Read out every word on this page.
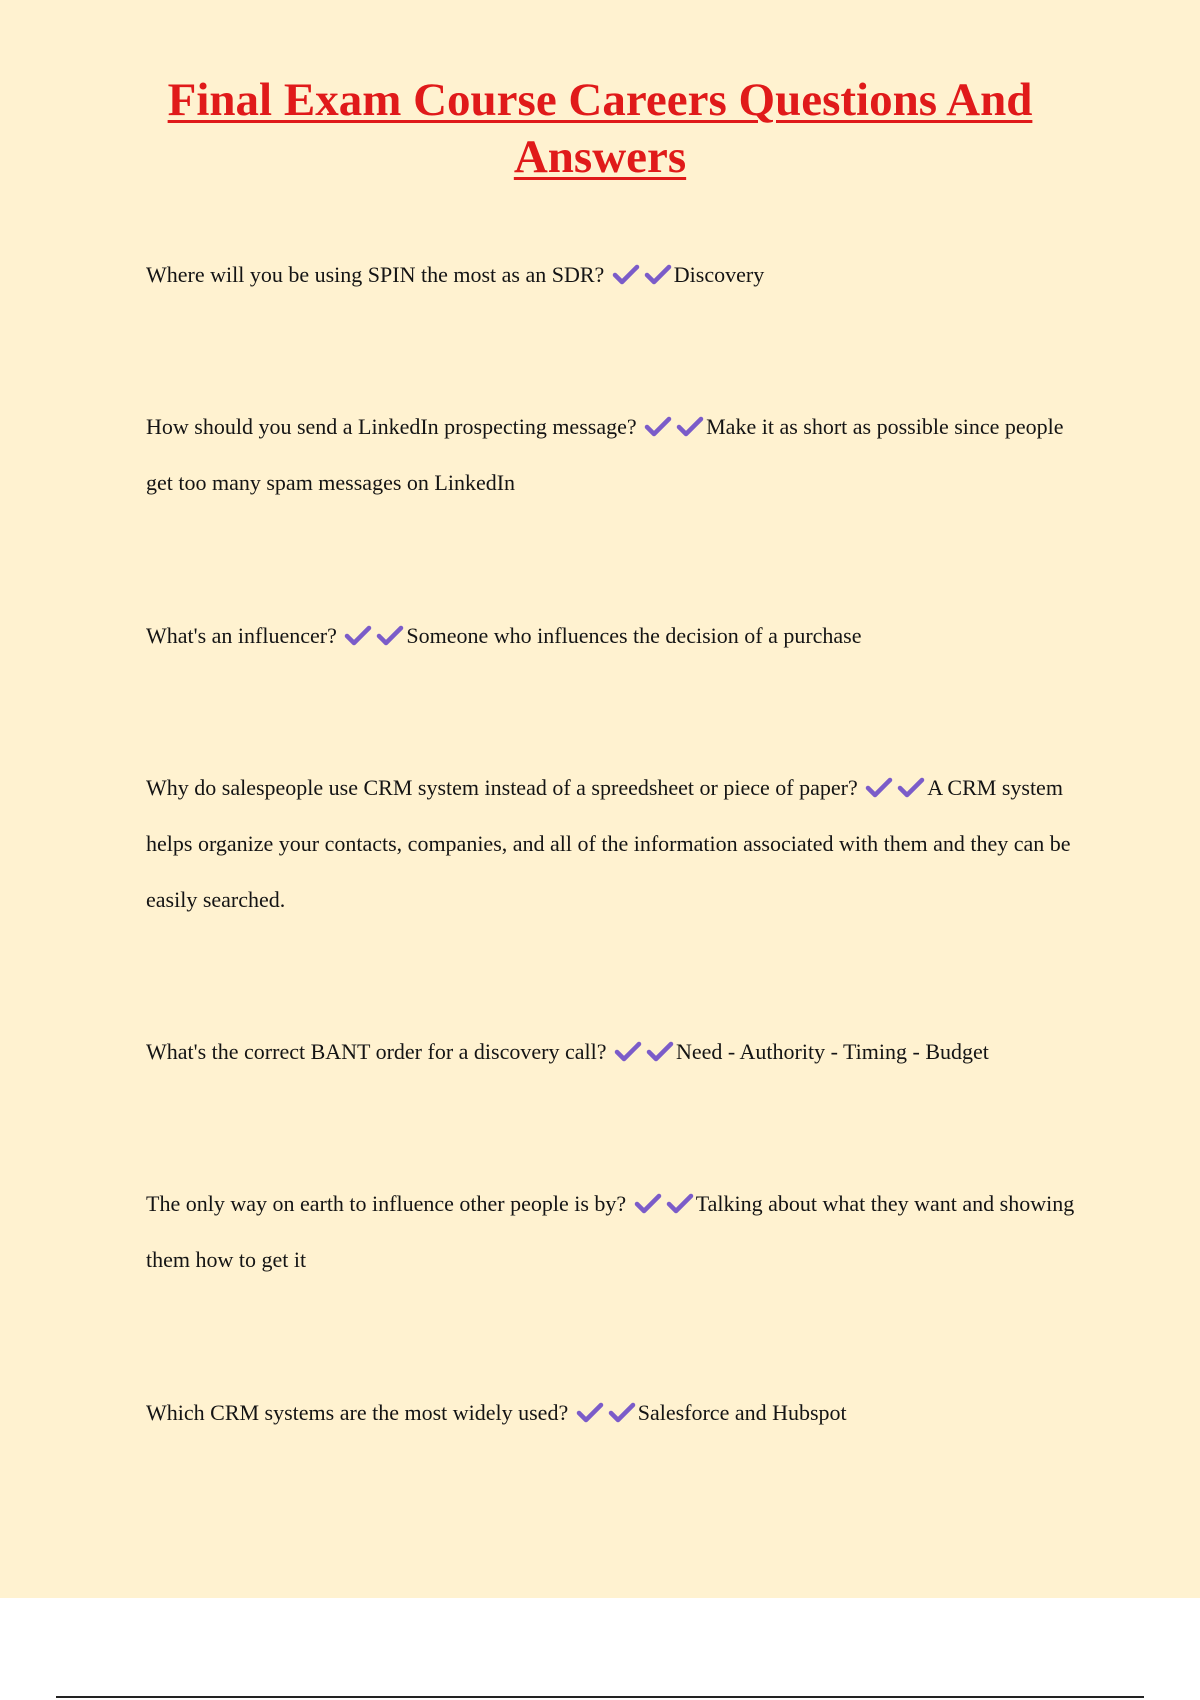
Final Exam Course Careers Questions And Answers

Where will you be using SPIN the most as an SDR?	Discovery

How should you send a LinkedIn prospecting message?	Make it as short as possible since people get too many spam messages on LinkedIn

What's an influencer?	Someone who influences the decision of a purchase

Why do salespeople use CRM system instead of a spreedsheet or piece of paper?	A CRM system helps organize your contacts, companies, and all of the information associated with them and they can be easily searched.

What's the correct BANT order for a discovery call?	Need - Authority - Timing - Budget

The only way on earth to influence other people is by?	Talking about what they want and showing them how to get it

Which CRM systems are the most widely used?	Salesforce and Hubspot
